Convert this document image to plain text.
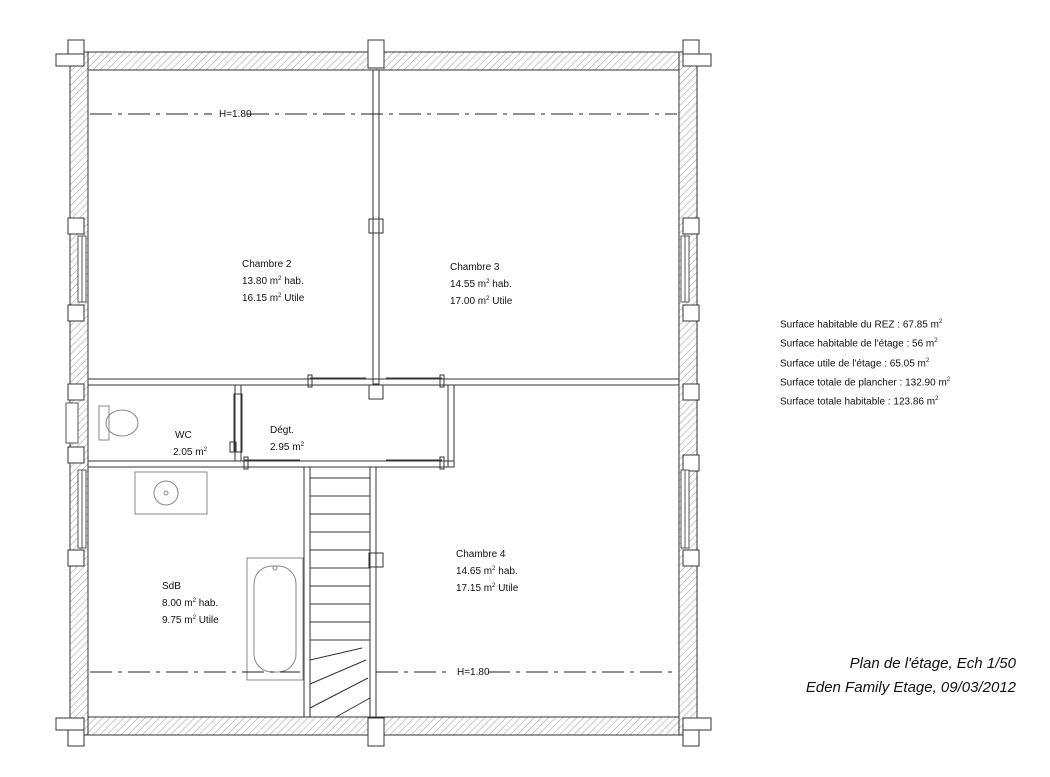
H=1.80
H=1.80
Chambre 2
13.80 $m^2$ hab.
16.15 $m^2$ Utile
Chambre 3
14.55 $m^2$ hab.
17.00 $m^2$ Utile
WC
2.05 $m^2$
Dégt.
2.95 $m^2$
Chambre 4
14.65 $m^2$ hab.
17.15 $m^2$ Utile
SdB
8.00 $m^2$ hab.
9.75 $m^2$ Utile
Surface habitable du REZ : 67.85 $m^2$
Surface habitable de l'étage : 56 $m^2$
Surface utile de l'étage : 65.05 $m^2$
Surface totale de plancher : 132.90 $m^2$
Surface totale habitable : 123.86 $m^2$
Plan de l'étage, Ech 1/50
Eden Family Etage, 09/03/2012
